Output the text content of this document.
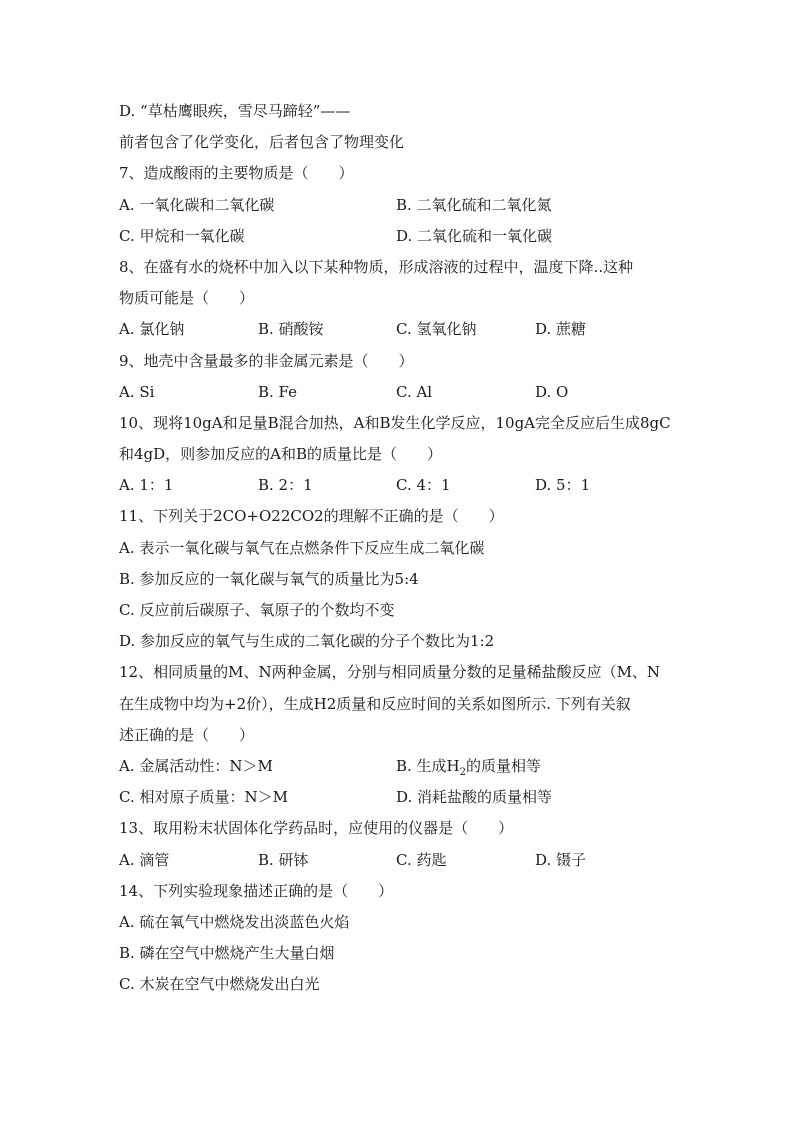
D. “草枯鹰眼疾，雪尽马蹄轻”——
前者包含了化学变化，后者包含了物理变化
7、造成酸雨的主要物质是（　　）
A. 一氧化碳和二氧化碳	B. 二氧化硫和二氧化氮
C. 甲烷和一氧化碳	D. 二氧化硫和一氧化碳
8、在盛有水的烧杯中加入以下某种物质，形成溶液的过程中，温度下降..这种
物质可能是（　　）
A. 氯化钠	B. 硝酸铵	C. 氢氧化钠	D. 蔗糖
9、地壳中含量最多的非金属元素是（　　）
A. Si	B. Fe	C. Al	D. O
10、现将10gA和足量B混合加热，A和B发生化学反应，10gA完全反应后生成8gC
和4gD，则参加反应的A和B的质量比是（　　）
A. 1：1	B. 2：1	C. 4：1	D. 5：1
11、下列关于2CO+O22CO2的理解不正确的是（　　）
A. 表示一氧化碳与氧气在点燃条件下反应生成二氧化碳
B. 参加反应的一氧化碳与氧气的质量比为5:4
C. 反应前后碳原子、氧原子的个数均不变
D. 参加反应的氧气与生成的二氧化碳的分子个数比为1:2
12、相同质量的M、N两种金属，分别与相同质量分数的足量稀盐酸反应（M、N
在生成物中均为+2价），生成H2质量和反应时间的关系如图所示. 下列有关叙
述正确的是（　　）
A. 金属活动性：N＞M	B. 生成$H_2$的质量相等
C. 相对原子质量：N＞M	D. 消耗盐酸的质量相等
13、取用粉末状固体化学药品时，应使用的仪器是（　　）
A. 滴管	B. 研钵	C. 药匙	D. 镊子
14、下列实验现象描述正确的是（　　）
A. 硫在氧气中燃烧发出淡蓝色火焰
B. 磷在空气中燃烧产生大量白烟
C. 木炭在空气中燃烧发出白光
